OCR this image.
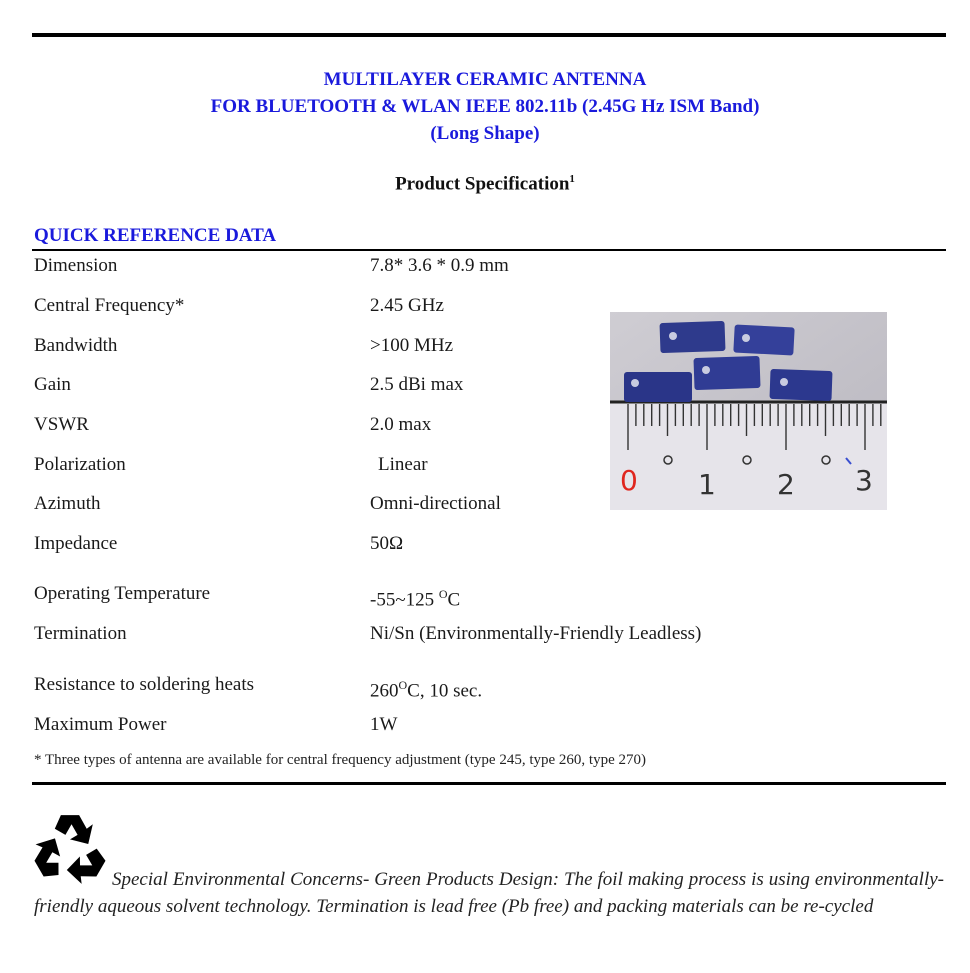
MULTILAYER CERAMIC ANTENNA
FOR BLUETOOTH & WLAN IEEE 802.11b (2.45G Hz ISM Band)
(Long Shape)
Product Specification$^1$
QUICK REFERENCE DATA
Dimension	7.8* 3.6 * 0.9 mm
Central Frequency*	2.45 GHz
Bandwidth	>100 MHz
Gain	2.5 dBi max
VSWR	2.0 max
Polarization	Linear
Azimuth	Omni-directional
Impedance	50Ω
Operating Temperature	-55~125 $^O$C
Termination	Ni/Sn (Environmentally-Friendly Leadless)
Resistance to soldering heats	$260^OC$, 10 sec.
Maximum Power	1W
* Three types of antenna are available for central frequency adjustment (type 245, type 260, type 270)
0 1 2 3
Special Environmental Concerns- Green Products Design: The foil making process is using environmentally-friendly aqueous solvent technology. Termination is lead free (Pb free) and packing materials can be re-cycled
